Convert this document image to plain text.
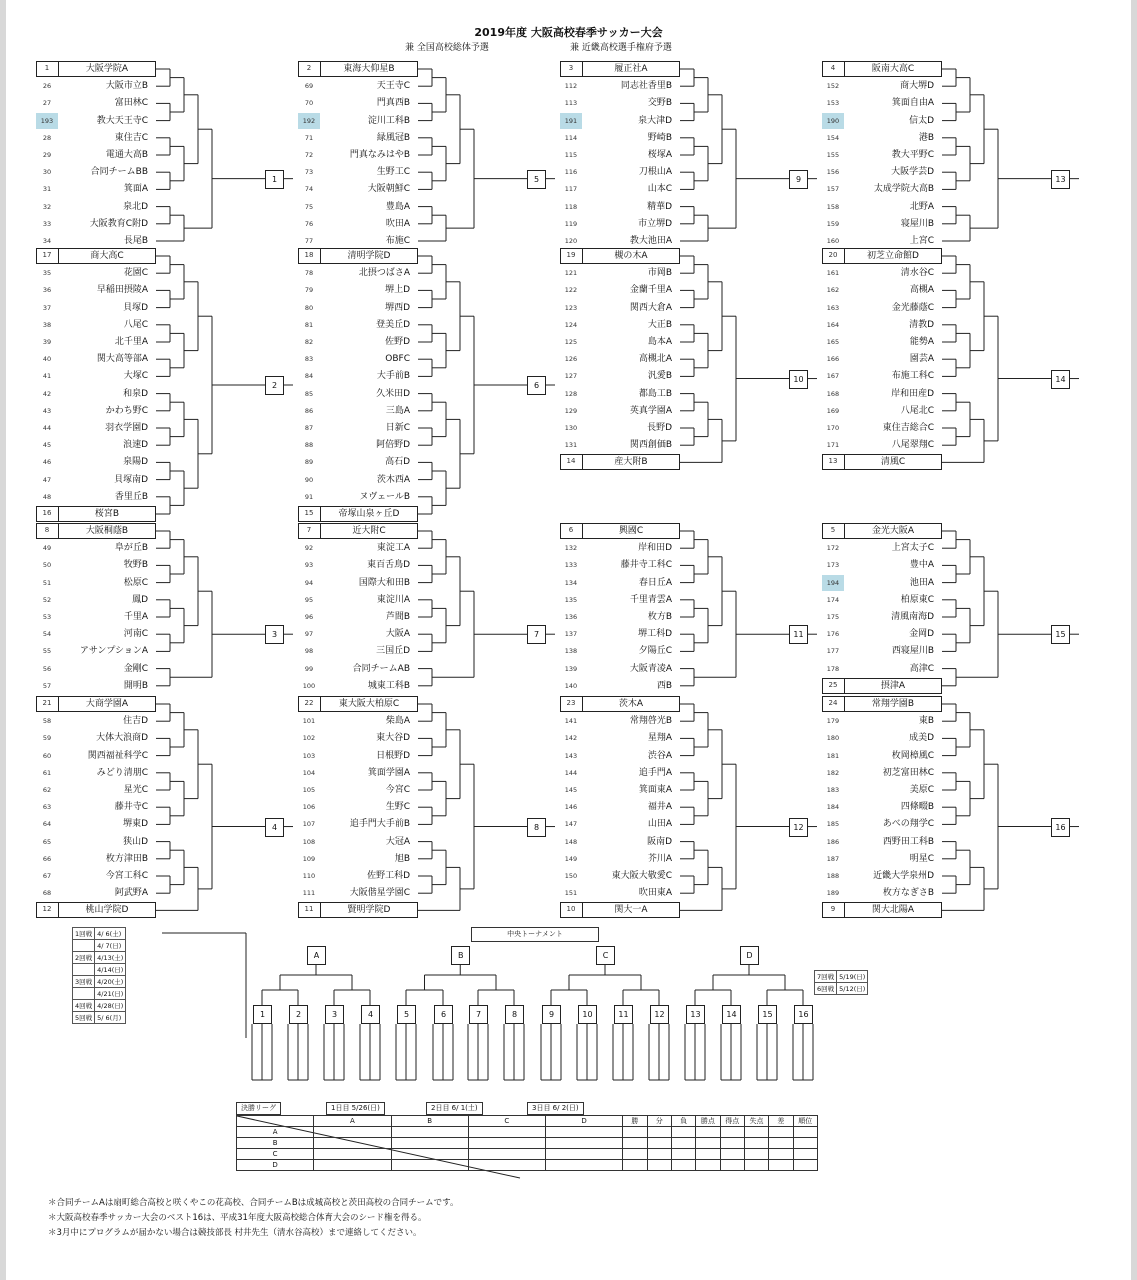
2019年度 大阪高校春季サッカー大会
兼 全国高校総体予選	兼 近畿高校選手権府予選
1	大阪学院A
26	大阪市立B
27	富田林C
193	教大天王寺C
28	東住吉C
29	電通大高B
30	合同チームBB
31	箕面A
32	泉北D
33	大阪教育C附D
34	長尾B
1
17	商大高C
35	花園C
36	早稲田摂陵A
37	貝塚D
38	八尾C
39	北千里A
40	関大高等部A
41	大塚C
42	和泉D
43	かわち野C
44	羽衣学園D
45	浪速D
46	泉陽D
47	貝塚南D
48	香里丘B
16	桜宮B
2
8	大阪桐蔭B
49	阜が丘B
50	牧野B
51	松原C
52	鳳D
53	千里A
54	河南C
55	アサンプションA
56	金剛C
57	開明B
3
21	大商学園A
58	住吉D
59	大体大浪商D
60	関西福祉科学C
61	みどり清朋C
62	星光C
63	藤井寺C
64	堺東D
65	狭山D
66	枚方津田B
67	今宮工科C
68	阿武野A
12	桃山学院D
4
2	東海大仰星B
69	天王寺C
70	門真西B
192	淀川工科B
71	緑風冠B
72	門真なみはやB
73	生野工C
74	大阪朝鮮C
75	豊島A
76	吹田A
77	布施C
5
18	清明学院D
78	北摂つばさA
79	堺上D
80	堺西D
81	登美丘D
82	佐野D
83	OBFC
84	大手前B
85	久米田D
86	三島A
87	日新C
88	阿倍野D
89	高石D
90	茨木西A
91	ヌヴェールB
15	帝塚山泉ヶ丘D
6
7	近大附C
92	東淀工A
93	東百舌鳥D
94	国際大和田B
95	東淀川A
96	芦間B
97	大阪A
98	三国丘D
99	合同チームAB
100	城東工科B
7
22	東大阪大柏原C
101	柴島A
102	東大谷D
103	日根野D
104	箕面学園A
105	今宮C
106	生野C
107	追手門大手前B
108	大冠A
109	旭B
110	佐野工科D
111	大阪偕星学園C
11	賢明学院D
8
3	履正社A
112	同志社香里B
113	交野B
191	泉大津D
114	野崎B
115	桜塚A
116	刀根山A
117	山本C
118	精華D
119	市立堺D
120	教大池田A
9
19	槻の木A
121	市岡B
122	金蘭千里A
123	関西大倉A
124	大正B
125	島本A
126	高槻北A
127	汎愛B
128	都島工B
129	英真学園A
130	長野D
131	関西創価B
14	産大附B
10
6	興國C
132	岸和田D
133	藤井寺工科C
134	春日丘A
135	千里青雲A
136	枚方B
137	堺工科D
138	夕陽丘C
139	大阪青凌A
140	西B
11
23	茨木A
141	常翔啓光B
142	星翔A
143	渋谷A
144	追手門A
145	箕面東A
146	福井A
147	山田A
148	阪南D
149	芥川A
150	東大阪大敬愛C
151	吹田東A
10	関大一A
12
4	阪南大高C
152	商大堺D
153	箕面自由A
190	信太D
154	港B
155	教大平野C
156	大阪学芸D
157	太成学院大高B
158	北野A
159	寝屋川B
160	上宮C
13
20	初芝立命館D
161	清水谷C
162	高槻A
163	金光藤蔭C
164	清教D
165	能勢A
166	園芸A
167	布施工科C
168	岸和田産D
169	八尾北C
170	東住吉総合C
171	八尾翠翔C
13	清風C
14
5	金光大阪A
172	上宮太子C
173	豊中A
194	池田A
174	柏原東C
175	清風南海D
176	金岡D
177	西寝屋川B
178	高津C
25	摂津A
15
24	常翔学園B
179	東B
180	成美D
181	枚岡樟風C
182	初芝富田林C
183	美原C
184	四條畷B
185	あべの翔学C
186	西野田工科B
187	明星C
188	近畿大学泉州D
189	枚方なぎさB
9	関大北陽A
16
1回戦	4/ 6(土)
	4/ 7(日)
2回戦	4/13(土)
	4/14(日)
3回戦	4/20(土)
	4/21(日)
4回戦	4/28(日)
5回戦	5/ 6(月)
中央トーナメント
1	2	3	4	5	6	7	8	9	10	11	12	13	14	15	16
A	B	C	D
7回戦	5/19(日)
6回戦	5/12(日)
決勝リーグ	1日目 5/26(日)	2日目 6/ 1(土)	3日目 6/ 2(日)
	A	B	C	D	勝	分	負	勝点	得点	失点	差	順位
A												
B												
C												
D												
＊合同チームAは扇町総合高校と咲くやこの花高校、合同チームBは成城高校と茨田高校の合同チームです。
＊大阪高校春季サッカー大会のベスト16は、平成31年度大阪高校総合体育大会のシード権を得る。
＊3月中にプログラムが届かない場合は競技部長 村井先生（清水谷高校）まで連絡してください。
